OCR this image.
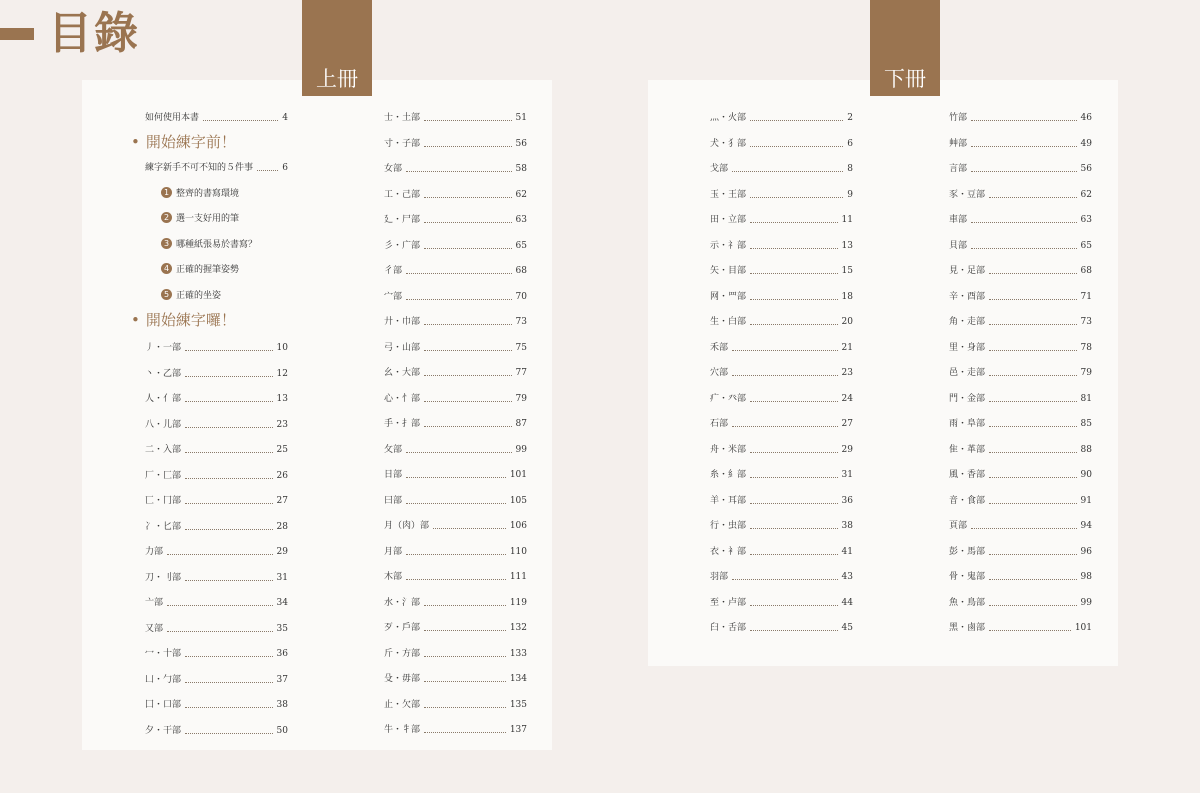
目錄
上冊	下冊
如何使用本書	4
• 開始練字前！
練字新手不可不知的５件事	6
1 整齊的書寫環境
2 選一支好用的筆
3 哪種紙張易於書寫？
4 正確的握筆姿勢
5 正確的坐姿
• 開始練字囉！
丿・一部	10
丶・乙部	12
人・亻部	13
八・儿部	23
二・入部	25
厂・匚部	26
匸・冂部	27
冫・匕部	28
力部	29
刀・刂部	31
亠部	34
又部	35
冖・十部	36
凵・勹部	37
囗・口部	38
夕・干部	50
士・土部	51
寸・子部	56
女部	58
工・己部	62
廴・尸部	63
彡・广部	65
彳部	68
宀部	70
廾・巾部	73
弓・山部	75
幺・大部	77
心・忄部	79
手・扌部	87
攵部	99
日部	101
曰部	105
月（肉）部	106
月部	110
木部	111
水・氵部	119
歹・戶部	132
斤・方部	133
殳・毋部	134
止・欠部	135
牛・牜部	137
灬・火部	2
犬・犭部	6
戈部	8
玉・王部	9
田・立部	11
示・礻部	13
矢・目部	15
网・罒部	18
生・白部	20
禾部	21
穴部	23
疒・癶部	24
石部	27
舟・米部	29
糸・糹部	31
羊・耳部	36
行・虫部	38
衣・衤部	41
羽部	43
至・卢部	44
臼・舌部	45
竹部	46
艸部	49
言部	56
豕・豆部	62
車部	63
貝部	65
見・足部	68
辛・酉部	71
角・走部	73
里・身部	78
邑・走部	79
門・金部	81
雨・阜部	85
隹・革部	88
風・香部	90
音・食部	91
頁部	94
彭・馬部	96
骨・鬼部	98
魚・鳥部	99
黑・鹵部	101
